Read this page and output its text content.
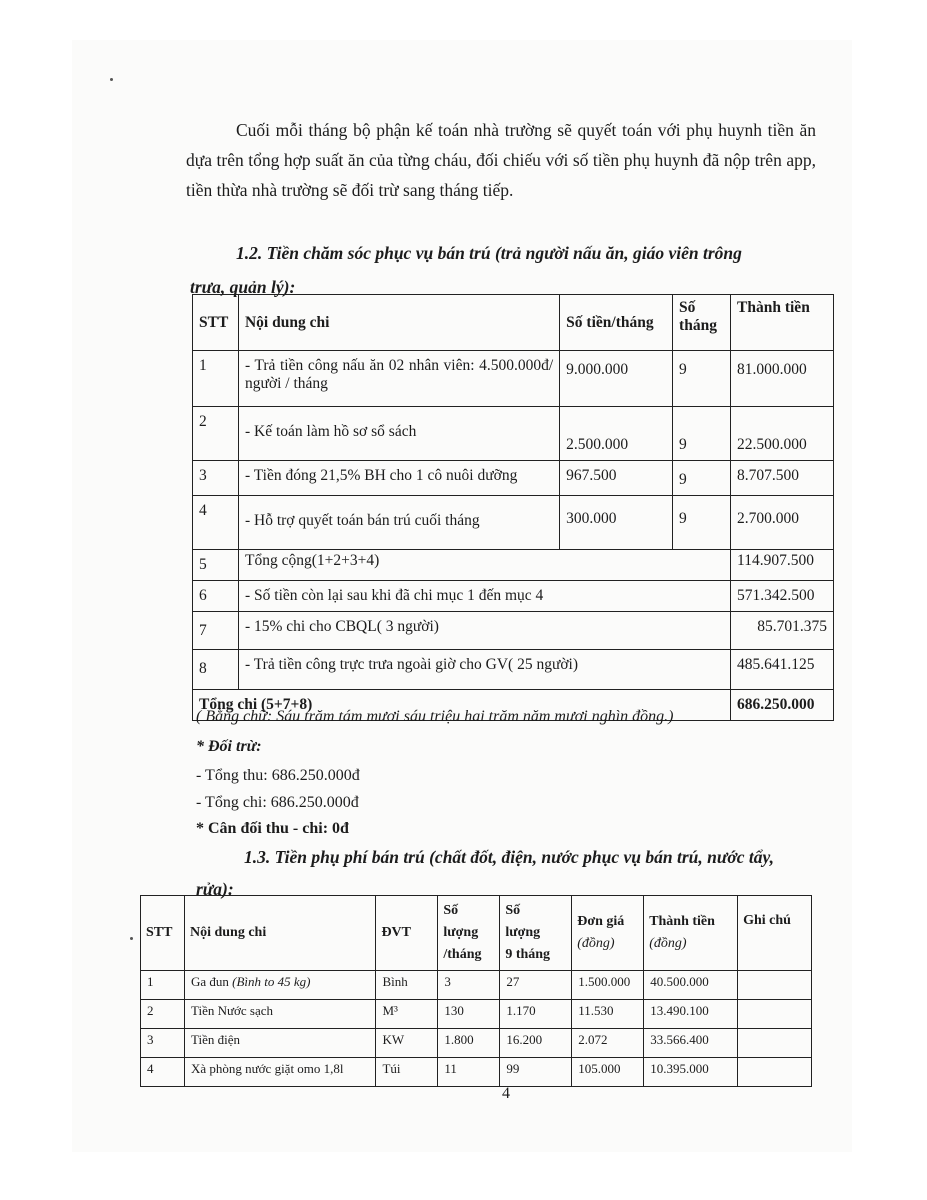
Cuối mỗi tháng bộ phận kế toán nhà trường sẽ quyết toán với phụ huynh tiền ăn dựa trên tổng hợp suất ăn của từng cháu, đối chiếu với số tiền phụ huynh đã nộp trên app, tiền thừa nhà trường sẽ đối trừ sang tháng tiếp.

1.2. Tiền chăm sóc phục vụ bán trú (trả người nấu ăn, giáo viên trông

trưa, quản lý):

STT	Nội dung chi	Số tiền/tháng	Số tháng	Thành tiền
1	- Trả tiền công nấu ăn 02 nhân viên: 4.500.000đ/ người / tháng	9.000.000	9	81.000.000
2	- Kế toán làm hồ sơ sổ sách	2.500.000	9	22.500.000
3	- Tiền đóng 21,5% BH cho 1 cô nuôi dưỡng	967.500	9	8.707.500
4	- Hỗ trợ quyết toán bán trú cuối tháng	300.000	9	2.700.000
5	Tổng cộng(1+2+3+4)			114.907.500
6	- Số tiền còn lại sau khi đã chi mục 1 đến mục 4			571.342.500
7	- 15% chi cho CBQL( 3 người)			85.701.375
8	- Trả tiền công trực trưa ngoài giờ cho GV( 25 người)			485.641.125
Tổng chi (5+7+8)				686.250.000

( Bằng chữ: Sáu trăm tám mươi sáu triệu hai trăm năm mươi nghìn đồng.)

* Đối trừ:

- Tổng thu: 686.250.000đ

- Tổng chi: 686.250.000đ

* Cân đối thu - chi: 0đ

1.3. Tiền phụ phí bán trú (chất đốt, điện, nước phục vụ bán trú, nước tẩy,

rửa):

STT	Nội dung chi	ĐVT	Số
lượng
/tháng	Số
lượng
9 tháng	Đơn giá
(đồng)	Thành tiền
(đồng)	Ghi chú
1	Ga đun (Bình to 45 kg)	Bình	3	27	1.500.000	40.500.000	
2	Tiền Nước sạch	M³	130	1.170	11.530	13.490.100	
3	Tiền điện	KW	1.800	16.200	2.072	33.566.400	
4	Xà phòng nước giặt omo 1,8l	Túi	11	99	105.000	10.395.000	
4
